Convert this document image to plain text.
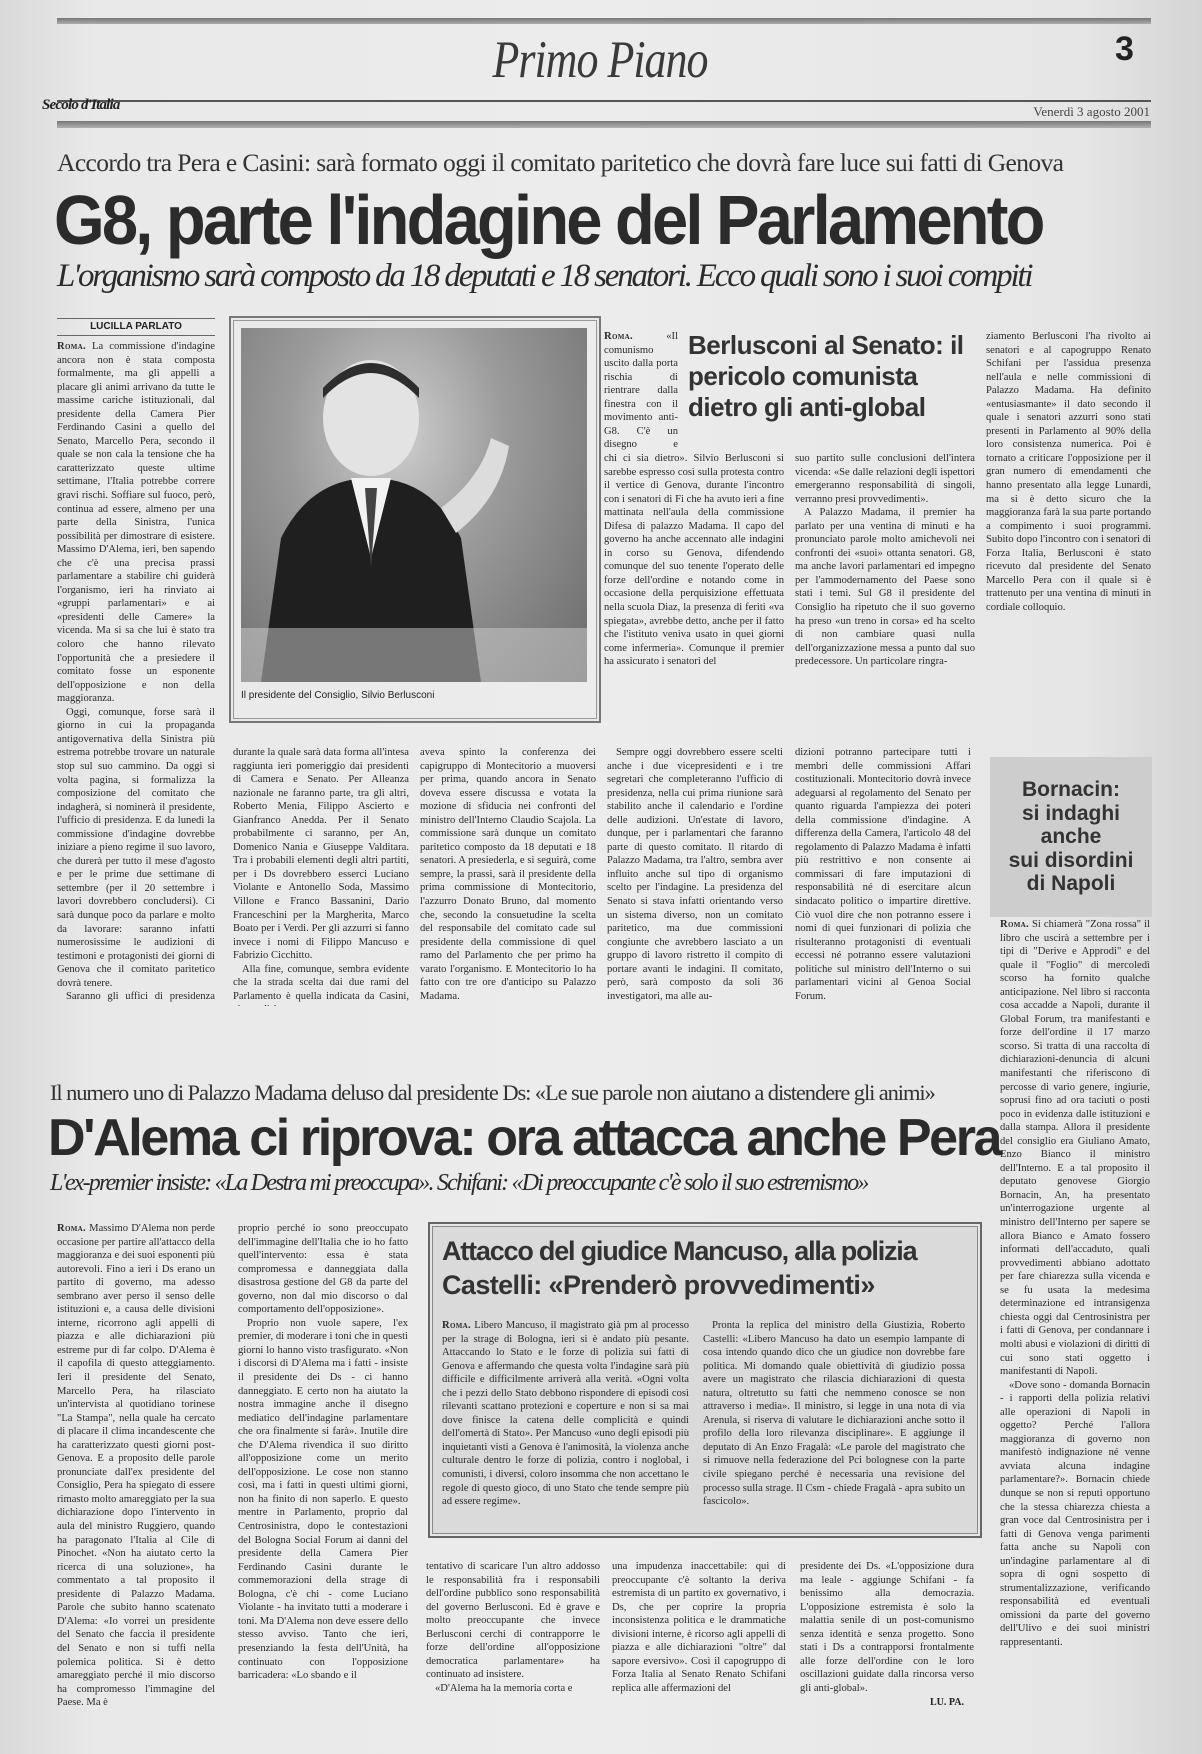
Primo Piano	3
Secolo d'Italia	Venerdì 3 agosto 2001
Accordo tra Pera e Casini: sarà formato oggi il comitato paritetico che dovrà fare luce sui fatti di Genova
G8, parte l'indagine del Parlamento
L'organismo sarà composto da 18 deputati e 18 senatori. Ecco quali sono i suoi compiti
LUCILLA PARLATO

Roma. La commissione d'indagine ancora non è stata composta formalmente, ma gli appelli a placare gli animi arrivano da tutte le massime cariche istituzionali, dal presidente della Camera Pier Ferdinando Casini a quello del Senato, Marcello Pera, secondo il quale se non cala la tensione che ha caratterizzato queste ultime settimane, l'Italia potrebbe correre gravi rischi. Soffiare sul fuoco, però, continua ad essere, almeno per una parte della Sinistra, l'unica possibilità per dimostrare di esistere. Massimo D'Alema, ieri, ben sapendo che c'è una precisa prassi parlamentare a stabilire chi guiderà l'organismo, ieri ha rinviato ai «gruppi parlamentari» e ai «presidenti delle Camere» la vicenda. Ma si sa che lui è stato tra coloro che hanno rilevato l'opportunità che a presiedere il comitato fosse un esponente dell'opposizione e non della maggioranza.

Oggi, comunque, forse sarà il giorno in cui la propaganda antigovernativa della Sinistra più estrema potrebbe trovare un naturale stop sul suo cammino. Da oggi si volta pagina, si formalizza la composizione del comitato che indagherà, si nominerà il presidente, l'ufficio di presidenza. E da lunedì la commissione d'indagine dovrebbe iniziare a pieno regime il suo lavoro, che durerà per tutto il mese d'agosto e per le prime due settimane di settembre (per il 20 settembre i lavori dovrebbero concludersi). Ci sarà dunque poco da parlare e molto da lavorare: saranno infatti numerosissime le audizioni di testimoni e protagonisti dei giorni di Genova che il comitato paritetico dovrà tenere.

Saranno gli uffici di presidenza

Il presidente del Consiglio, Silvio Berlusconi

Roma.	«Il comunismo uscito dalla porta rischia di rientrare dalla finestra con il movimento anti-G8. C'è un disegno e

Berlusconi al Senato: il pericolo comunista dietro gli anti-global

chi ci sia dietro». Silvio Berlusconi si sarebbe espresso così sulla protesta contro il vertice di Genova, durante l'incontro con i senatori di Fi che ha avuto ieri a fine mattinata nell'aula della commissione Difesa di palazzo Madama. Il capo del governo ha anche accennato alle indagini in corso su Genova, difendendo comunque del suo tenente l'operato delle forze dell'ordine e notando come in occasione della perquisizione effettuata nella scuola Diaz, la presenza di feriti «va spiegata», avrebbe detto, anche per il fatto che l'istituto veniva usato in quei giorni come infermeria». Comunque il premier ha assicurato i senatori del

suo partito sulle conclusioni dell'intera vicenda: «Se dalle relazioni degli ispettori emergeranno responsabilità di singoli, verranno presi provvedimenti».

A Palazzo Madama, il premier ha parlato per una ventina di minuti e ha pronunciato parole molto amichevoli nei confronti dei «suoi» ottanta senatori. G8, ma anche lavori parlamentari ed impegno per l'ammodernamento del Paese sono stati i temi. Sul G8 il presidente del Consiglio ha ripetuto che il suo governo ha preso «un treno in corsa» ed ha scelto di non cambiare quasi nulla dell'organizzazione messa a punto dal suo predecessore. Un particolare ringra-

ziamento Berlusconi l'ha rivolto ai senatori e al capogruppo Renato Schifani per l'assidua presenza nell'aula e nelle commissioni di Palazzo Madama. Ha definito «entusiasmante» il dato secondo il quale i senatori azzurri sono stati presenti in Parlamento al 90% della loro consistenza numerica. Poi è tornato a criticare l'opposizione per il gran numero di emendamenti che hanno presentato alla legge Lunardi, ma si è detto sicuro che la maggioranza farà la sua parte portando a compimento i suoi programmi. Subito dopo l'incontro con i senatori di Forza Italia, Berlusconi è stato ricevuto dal presidente del Senato Marcello Pera con il quale si è trattenuto per una ventina di minuti in cordiale colloquio.

durante la quale sarà data forma all'intesa raggiunta ieri pomeriggio dai presidenti di Camera e Senato. Per Alleanza nazionale ne faranno parte, tra gli altri, Roberto Menia, Filippo Ascierto e Gianfranco Anedda. Per il Senato probabilmente ci saranno, per An, Domenico Nania e Giuseppe Valditara. Tra i probabili elementi degli altri partiti, per i Ds dovrebbero esserci Luciano Violante e Antonello Soda, Massimo Villone e Franco Bassanini, Dario Franceschini per la Margherita, Marco Boato per i Verdi. Per gli azzurri si fanno invece i nomi di Filippo Mancuso e Fabrizio Cicchitto.

Alla fine, comunque, sembra evidente che la strada scelta dai due rami del Parlamento è quella indicata da Casini,

aveva spinto la conferenza dei capigruppo di Montecitorio a muoversi per prima, quando ancora in Senato doveva essere discussa e votata la mozione di sfiducia nei confronti del ministro dell'Interno Claudio Scajola. La commissione sarà dunque un comitato paritetico composto da 18 deputati e 18 senatori. A presiederla, e si seguirà, come sempre, la prassi, sarà il presidente della prima commissione di Montecitorio, l'azzurro Donato Bruno, dal momento che, secondo la consuetudine la scelta del responsabile del comitato cade sul presidente della commissione di quel ramo del Parlamento che per primo ha varato l'organismo. E Montecitorio lo ha fatto con tre ore d'anticipo su Palazzo Madama.

Sempre oggi dovrebbero essere scelti anche i due vicepresidenti e i tre segretari che completeranno l'ufficio di presidenza, nella cui prima riunione sarà stabilito anche il calendario e l'ordine delle audizioni. Un'estate di lavoro, dunque, per i parlamentari che faranno parte di questo comitato. Il ritardo di Palazzo Madama, tra l'altro, sembra aver influito anche sul tipo di organismo scelto per l'indagine. La presidenza del Senato si stava infatti orientando verso un sistema diverso, non un comitato paritetico, ma due commissioni congiunte che avrebbero lasciato a un gruppo di lavoro ristretto il compito di portare avanti le indagini. Il comitato, però, sarà composto da soli 36 investigatori, ma alle au-

dizioni potranno partecipare tutti i membri delle commissioni Affari costituzionali. Montecitorio dovrà invece adeguarsi al regolamento del Senato per quanto riguarda l'ampiezza dei poteri della commissione d'indagine. A differenza della Camera, l'articolo 48 del regolamento di Palazzo Madama è infatti più restrittivo e non consente ai commissari di fare imputazioni di responsabilità né di esercitare alcun sindacato politico o impartire direttive. Ciò vuol dire che non potranno essere i nomi di quei funzionari di polizia che risulteranno protagonisti di eventuali eccessi né potranno essere valutazioni politiche sul ministro dell'Interno o sui parlamentari vicini al Genoa Social Forum.

Bornacin:
si indaghi
anche
sui disordini
di Napoli

Roma. Si chiamerà "Zona rossa" il libro che uscirà a settembre per i tipi di "Derive e Approdi" e del quale il "Foglio" di mercoledì scorso ha fornito qualche anticipazione. Nel libro si racconta cosa accadde a Napoli, durante il Global Forum, tra manifestanti e forze dell'ordine il 17 marzo scorso. Si tratta di una raccolta di dichiarazioni-denuncia di alcuni manifestanti che riferiscono di percosse di vario genere, ingiurie, soprusi fino ad ora taciuti o posti poco in evidenza dalle istituzioni e dalla stampa. Allora il presidente del consiglio era Giuliano Amato, Enzo Bianco il ministro dell'Interno. E a tal proposito il deputato genovese Giorgio Bornacin, An, ha presentato un'interrogazione urgente al ministro dell'Interno per sapere se allora Bianco e Amato fossero informati dell'accaduto, quali provvedimenti abbiano adottato per fare chiarezza sulla vicenda e se fu usata la medesima determinazione ed intransigenza chiesta oggi dal Centrosinistra per i fatti di Genova, per condannare i molti abusi e violazioni di diritti di cui sono stati oggetto i manifestanti di Napoli.

«Dove sono - domanda Bornacin - i rapporti della polizia relativi alle operazioni di Napoli in oggetto? Perché l'allora maggioranza di governo non manifestò indignazione né venne avviata alcuna indagine parlamentare?». Bornacin chiede dunque se non si reputi opportuno che la stessa chiarezza chiesta a gran voce dal Centrosinistra per i fatti di Genova venga parimenti fatta anche su Napoli con un'indagine parlamentare al di sopra di ogni sospetto di strumentalizzazione, verificando responsabilità ed eventuali omissioni da parte del governo dell'Ulivo e dei suoi ministri rappresentanti.

Il numero uno di Palazzo Madama deluso dal presidente Ds: «Le sue parole non aiutano a distendere gli animi»
D'Alema ci riprova: ora attacca anche Pera
L'ex-premier insiste: «La Destra mi preoccupa». Schifani: «Di preoccupante c'è solo il suo estremismo»

Roma. Massimo D'Alema non perde occasione per partire all'attacco della maggioranza e dei suoi esponenti più autorevoli. Fino a ieri i Ds erano un partito di governo, ma adesso sembrano aver perso il senso delle istituzioni e, a causa delle divisioni interne, ricorrono agli appelli di piazza e alle dichiarazioni più estreme pur di far colpo. D'Alema è il capofila di questo atteggiamento. Ieri il presidente del Senato, Marcello Pera, ha rilasciato un'intervista al quotidiano torinese "La Stampa", nella quale ha cercato di placare il clima incandescente che ha caratterizzato questi giorni post-Genova. E a proposito delle parole pronunciate dall'ex presidente del Consiglio, Pera ha spiegato di essere rimasto molto amareggiato per la sua dichiarazione dopo l'intervento in aula del ministro Ruggiero, quando ha paragonato l'Italia al Cile di Pinochet. «Non ha aiutato certo la ricerca di una soluzione», ha commentato a tal proposito il presidente di Palazzo Madama. Parole che subito hanno scatenato D'Alema: «Io vorrei un presidente del Senato che faccia il presidente del Senato e non si tuffi nella polemica politica. Si è detto amareggiato perché il mio discorso ha compromesso l'immagine del Paese. Ma è

proprio perché io sono preoccupato dell'immagine dell'Italia che io ho fatto quell'intervento: essa è stata compromessa e danneggiata dalla disastrosa gestione del G8 da parte del governo, non dal mio discorso o dal comportamento dell'opposizione».

Proprio non vuole sapere, l'ex premier, di moderare i toni che in questi giorni lo hanno visto trasfigurato. «Non i discorsi di D'Alema ma i fatti - insiste il presidente dei Ds - ci hanno danneggiato. E certo non ha aiutato la nostra immagine anche il disegno mediatico dell'indagine parlamentare che ora finalmente si farà». Inutile dire che D'Alema rivendica il suo diritto all'opposizione come un merito dell'opposizione. Le cose non stanno così, ma i fatti in questi ultimi giorni, non ha finito di non saperlo. E questo mentre in Parlamento, proprio dal Centrosinistra, dopo le contestazioni del Bologna Social Forum ai danni del presidente della Camera Pier Ferdinando Casini durante le commemorazioni della strage di Bologna, c'è chi - come Luciano Violante - ha invitato tutti a moderare i toni. Ma D'Alema non deve essere dello stesso avviso. Tanto che ieri, presenziando la festa dell'Unità, ha continuato con l'opposizione barricadera: «Lo sbando e il

Attacco del giudice Mancuso, alla polizia
Castelli: «Prenderò provvedimenti»

Roma. Libero Mancuso, il magistrato già pm al processo per la strage di Bologna, ieri si è andato più pesante. Attaccando lo Stato e le forze di polizia sui fatti di Genova e affermando che questa volta l'indagine sarà più difficile e difficilmente arriverà alla verità. «Ogni volta che i pezzi dello Stato debbono rispondere di episodi così rilevanti scattano protezioni e coperture e non si sa mai dove finisce la catena delle complicità e quindi dell'omertà di Stato». Per Mancuso «uno degli episodi più inquietanti visti a Genova è l'animosità, la violenza anche culturale dentro le forze di polizia, contro i noglobal, i comunisti, i diversi, coloro insomma che non accettano le regole di questo gioco, di uno Stato che tende sempre più ad essere regime».

Pronta la replica del ministro della Giustizia, Roberto Castelli: «Libero Mancuso ha dato un esempio lampante di cosa intendo quando dico che un giudice non dovrebbe fare politica. Mi domando quale obiettività di giudizio possa avere un magistrato che rilascia dichiarazioni di questa natura, oltretutto su fatti che nemmeno conosce se non attraverso i media». Il ministro, si legge in una nota di via Arenula, si riserva di valutare le dichiarazioni anche sotto il profilo della loro rilevanza disciplinare». E aggiunge il deputato di An Enzo Fragalà: «Le parole del magistrato che si rimuove nella federazione del Pci bolognese con la parte civile spiegano perché è necessaria una revisione del processo sulla strage. Il Csm - chiede Fragalà - apra subito un fascicolo».

tentativo di scaricare l'un altro addosso le responsabilità fra i responsabili dell'ordine pubblico sono responsabilità del governo Berlusconi. Ed è grave e molto preoccupante che invece Berlusconi cerchi di contrapporre le forze dell'ordine all'opposizione democratica parlamentare» ha continuato ad insistere.

«D'Alema ha la memoria corta e

una impudenza inaccettabile: qui di preoccupante c'è soltanto la deriva estremista di un partito ex governativo, i Ds, che per coprire la propria inconsistenza politica e le drammatiche divisioni interne, è ricorso agli appelli di piazza e alle dichiarazioni "oltre" dal sapore eversivo». Così il capogruppo di Forza Italia al Senato Renato Schifani replica alle affermazioni del

presidente dei Ds. «L'opposizione dura ma leale - aggiunge Schifani - fa benissimo alla democrazia. L'opposizione estremista è solo la malattia senile di un post-comunismo senza identità e senza progetto. Sono stati i Ds a contrapporsi frontalmente alle forze dell'ordine con le loro oscillazioni guidate dalla rincorsa verso gli anti-global».

LU. PA.
